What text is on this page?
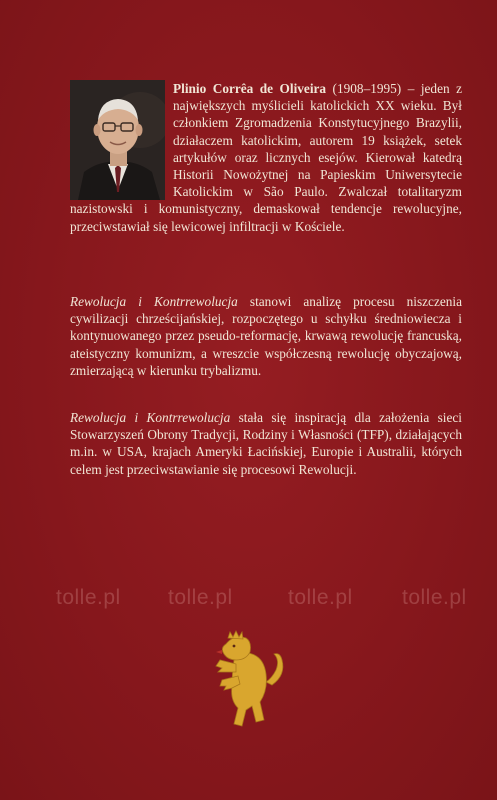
Plinio Corrêa de Oliveira (1908–1995) – jeden z największych myślicieli katolickich XX wieku. Był członkiem Zgromadzenia Konstytucyjnego Brazylii, działaczem katolickim, autorem 19 książek, setek artykułów oraz licznych esejów. Kierował katedrą Historii Nowożytnej na Papieskim Uniwersytecie Katolickim w São Paulo. Zwalczał totalitaryzm nazistowski i komunistyczny, demaskował tendencje rewolucyjne, przeciwstawiał się lewicowej infiltracji w Kościele.
Rewolucja i Kontrrewolucja stanowi analizę procesu niszczenia cywilizacji chrześcijańskiej, rozpoczętego u schyłku średniowiecza i kontynuowanego przez pseudo-reformację, krwawą rewolucję francuską, ateistyczny komunizm, a wreszcie współczesną rewolucję obyczajową, zmierzającą w kierunku trybalizmu.
Rewolucja i Kontrrewolucja stała się inspiracją dla założenia sieci Stowarzyszeń Obrony Tradycji, Rodziny i Własności (TFP), działających m.in. w USA, krajach Ameryki Łacińskiej, Europie i Australii, których celem jest przeciwstawianie się procesowi Rewolucji.
tolle.pl tolle.pl	tolle.pl tolle.pl
